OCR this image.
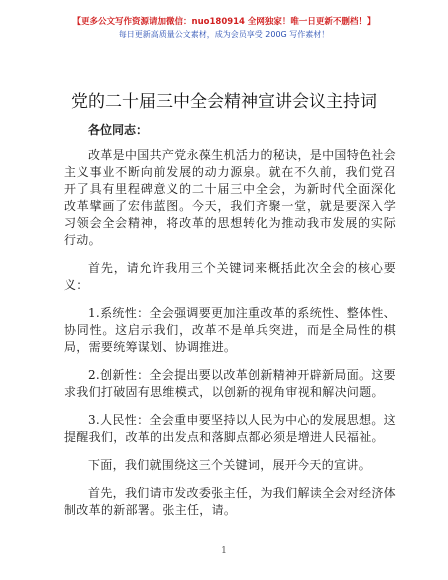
【更多公文写作资源请加微信：nuo180914 全网独家！唯一日更新不删档！】
每日更新高质量公文素材，成为会员享受 200G 写作素材！
党的二十届三中全会精神宣讲会议主持词
各位同志：

改革是中国共产党永葆生机活力的秘诀，是中国特色社会主义事业不断向前发展的动力源泉。就在不久前，我们党召开了具有里程碑意义的二十届三中全会，为新时代全面深化改革擘画了宏伟蓝图。今天，我们齐聚一堂，就是要深入学习领会全会精神，将改革的思想转化为推动我市发展的实际行动。

首先，请允许我用三个关键词来概括此次全会的核心要义：

1.系统性：全会强调要更加注重改革的系统性、整体性、协同性。这启示我们，改革不是单兵突进，而是全局性的棋局，需要统筹谋划、协调推进。

2.创新性：全会提出要以改革创新精神开辟新局面。这要求我们打破固有思维模式，以创新的视角审视和解决问题。

3.人民性：全会重申要坚持以人民为中心的发展思想。这提醒我们，改革的出发点和落脚点都必须是增进人民福祉。

下面，我们就围绕这三个关键词，展开今天的宣讲。

首先，我们请市发改委张主任，为我们解读全会对经济体制改革的新部署。张主任，请。

1
